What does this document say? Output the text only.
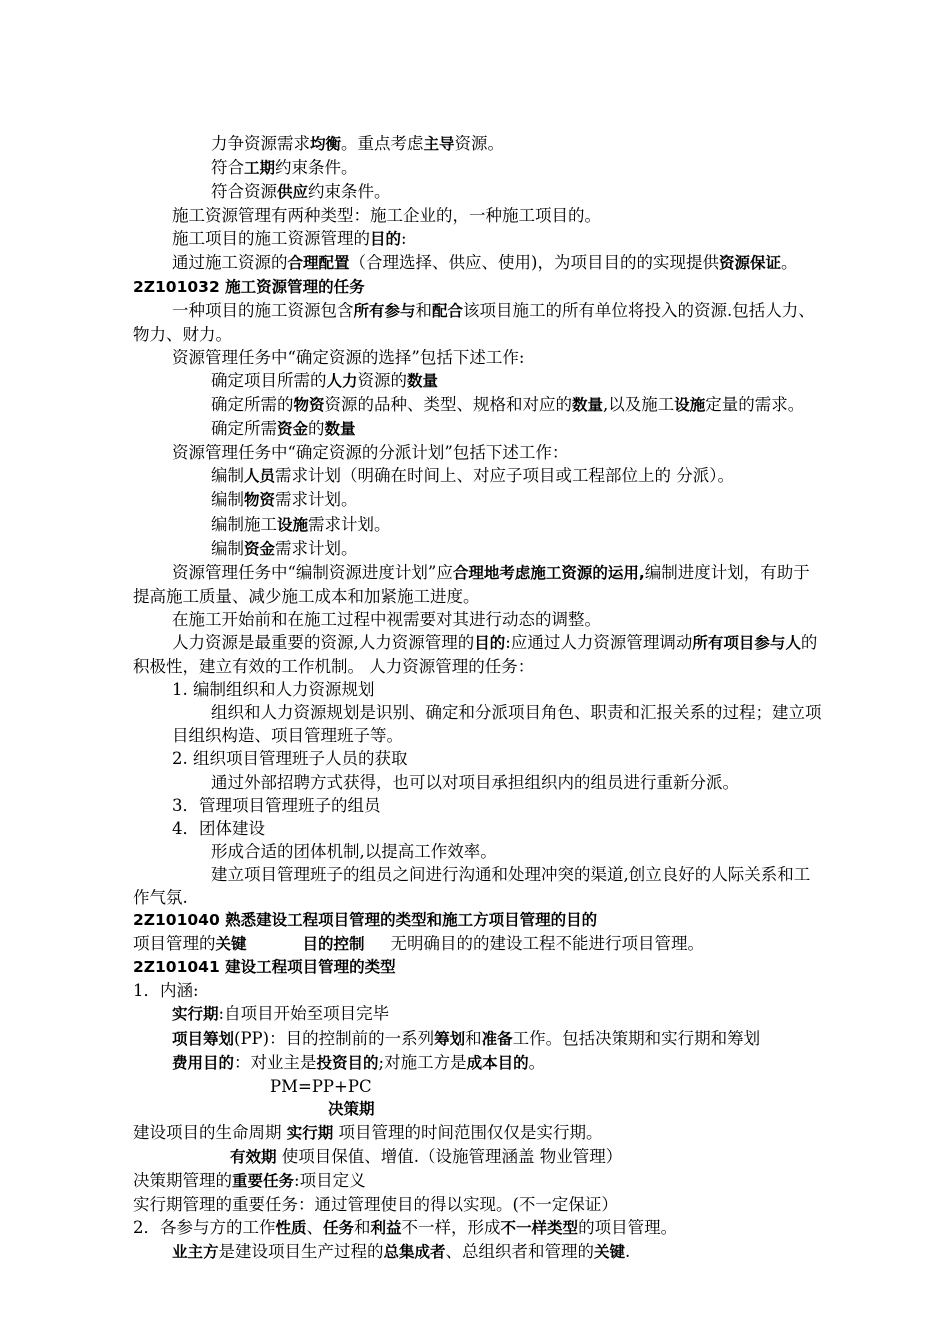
力争资源需求均衡。重点考虑主导资源。
符合工期约束条件。
符合资源供应约束条件。
施工资源管理有两种类型：施工企业的，一种施工项目的。
施工项目的施工资源管理的目的:
通过施工资源的合理配置（合理选择、供应、使用)，为项目目的的实现提供资源保证。
2Z101032 施工资源管理的任务
一种项目的施工资源包含所有参与和配合该项目施工的所有单位将投入的资源.包括人力、物力、财力。
资源管理任务中“确定资源的选择”包括下述工作:
确定项目所需的人力资源的数量
确定所需的物资资源的品种、类型、规格和对应的数量,以及施工设施定量的需求。
确定所需资金的数量
资源管理任务中“确定资源的分派计划”包括下述工作：
编制人员需求计划（明确在时间上、对应子项目或工程部位上的 分派）。
编制物资需求计划。
编制施工设施需求计划。
编制资金需求计划。
资源管理任务中“编制资源进度计划”应合理地考虑施工资源的运用,编制进度计划，有助于提高施工质量、减少施工成本和加紧施工进度。
在施工开始前和在施工过程中视需要对其进行动态的调整。
人力资源是最重要的资源,人力资源管理的目的:应通过人力资源管理调动所有项目参与人的积极性，建立有效的工作机制。 人力资源管理的任务：
1. 编制组织和人力资源规划
组织和人力资源规划是识别、确定和分派项目角色、职责和汇报关系的过程；建立项目组织构造、项目管理班子等。
2. 组织项目管理班子人员的获取
通过外部招聘方式获得，也可以对项目承担组织内的组员进行重新分派。
3．管理项目管理班子的组员
4．团体建设
形成合适的团体机制,以提高工作效率。
建立项目管理班子的组员之间进行沟通和处理冲突的渠道,创立良好的人际关系和工作气氛.
2Z101040 熟悉建设工程项目管理的类型和施工方项目管理的目的
项目管理的关键	目的控制 无明确目的的建设工程不能进行项目管理。
2Z101041 建设工程项目管理的类型
1．内涵:
实行期:自项目开始至项目完毕
项目筹划(PP)：目的控制前的一系列筹划和准备工作。包括决策期和实行期和筹划
费用目的：对业主是投资目的;对施工方是成本目的。
PM=PP+PC
决策期
建设项目的生命周期 实行期 项目管理的时间范围仅仅是实行期。
有效期 使项目保值、增值.（设施管理涵盖 物业管理）
决策期管理的重要任务:项目定义
实行期管理的重要任务：通过管理使目的得以实现。(不一定保证）
2．各参与方的工作性质、任务和利益不一样，形成不一样类型的项目管理。
业主方是建设项目生产过程的总集成者、总组织者和管理的关键.
